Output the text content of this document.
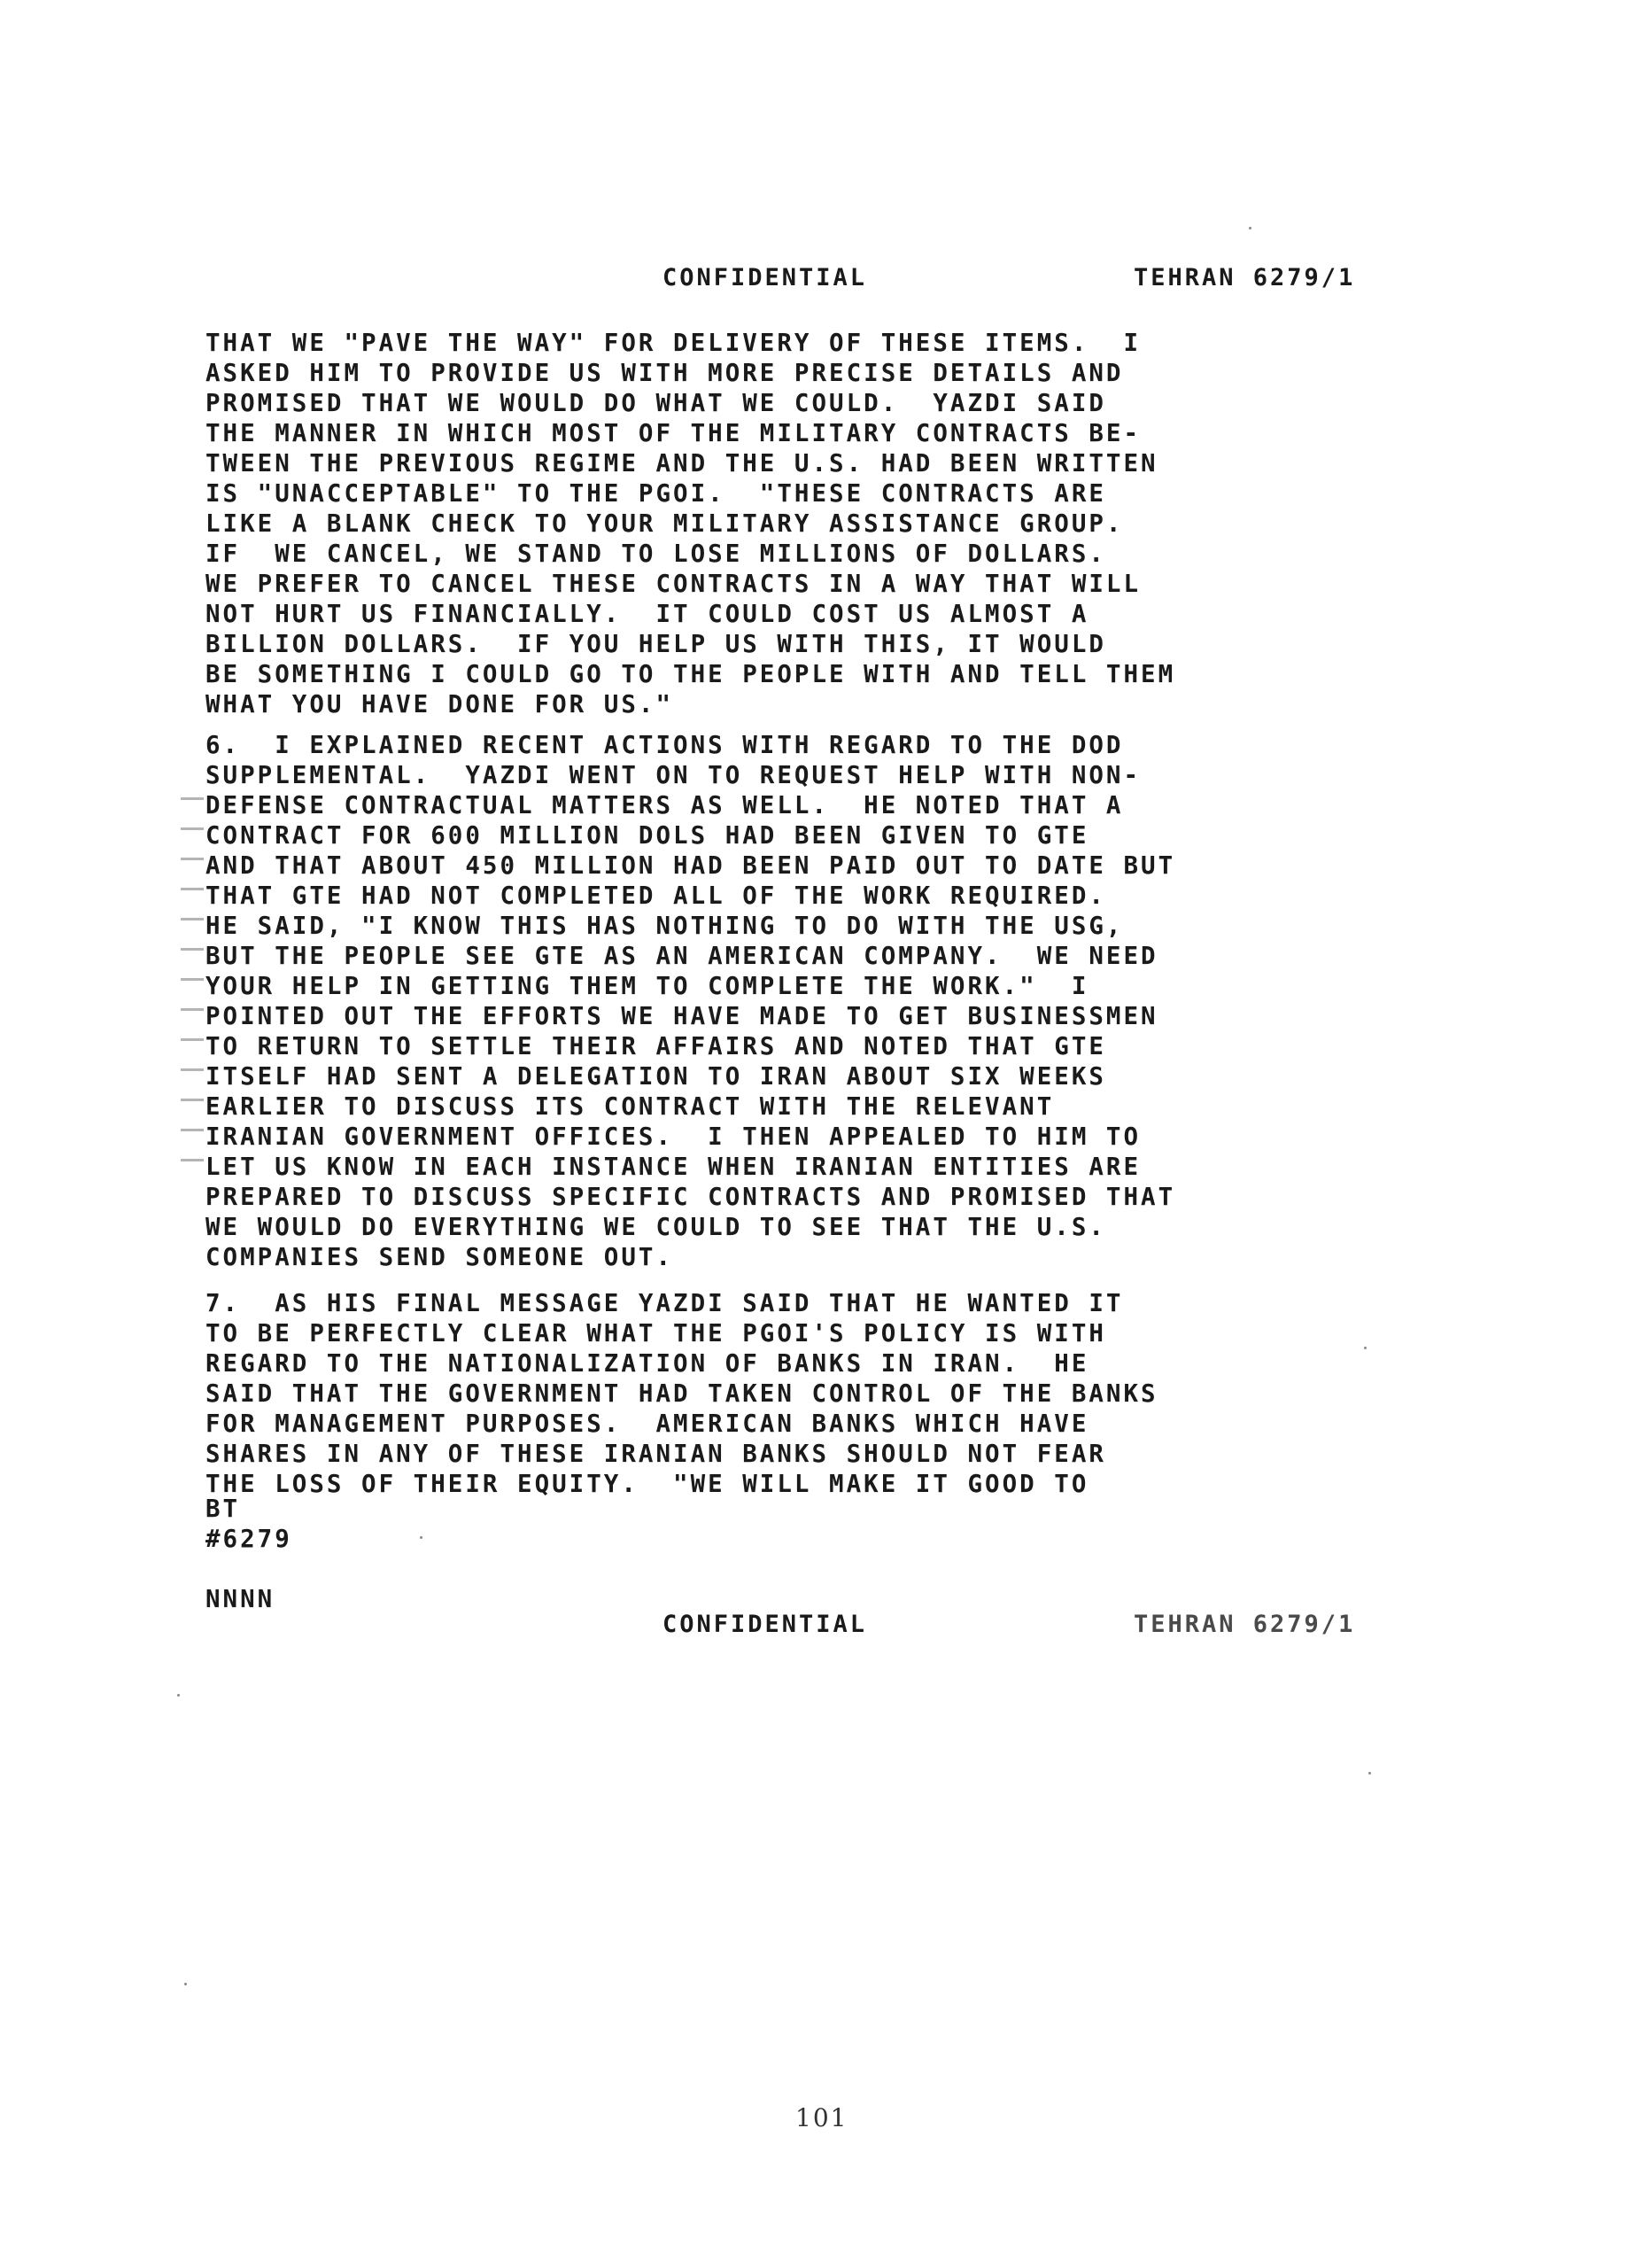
CONFIDENTIAL	TEHRAN 6279/1
THAT WE "PAVE THE WAY" FOR DELIVERY OF THESE ITEMS.  I
ASKED HIM TO PROVIDE US WITH MORE PRECISE DETAILS AND
PROMISED THAT WE WOULD DO WHAT WE COULD.  YAZDI SAID
THE MANNER IN WHICH MOST OF THE MILITARY CONTRACTS BE-
TWEEN THE PREVIOUS REGIME AND THE U.S. HAD BEEN WRITTEN
IS "UNACCEPTABLE" TO THE PGOI.  "THESE CONTRACTS ARE
LIKE A BLANK CHECK TO YOUR MILITARY ASSISTANCE GROUP.
IF  WE CANCEL, WE STAND TO LOSE MILLIONS OF DOLLARS.
WE PREFER TO CANCEL THESE CONTRACTS IN A WAY THAT WILL
NOT HURT US FINANCIALLY.  IT COULD COST US ALMOST A
BILLION DOLLARS.  IF YOU HELP US WITH THIS, IT WOULD
BE SOMETHING I COULD GO TO THE PEOPLE WITH AND TELL THEM
WHAT YOU HAVE DONE FOR US."
6.  I EXPLAINED RECENT ACTIONS WITH REGARD TO THE DOD
SUPPLEMENTAL.  YAZDI WENT ON TO REQUEST HELP WITH NON-
DEFENSE CONTRACTUAL MATTERS AS WELL.  HE NOTED THAT A
CONTRACT FOR 600 MILLION DOLS HAD BEEN GIVEN TO GTE
AND THAT ABOUT 450 MILLION HAD BEEN PAID OUT TO DATE BUT
THAT GTE HAD NOT COMPLETED ALL OF THE WORK REQUIRED.
HE SAID, "I KNOW THIS HAS NOTHING TO DO WITH THE USG,
BUT THE PEOPLE SEE GTE AS AN AMERICAN COMPANY.  WE NEED
YOUR HELP IN GETTING THEM TO COMPLETE THE WORK."  I
POINTED OUT THE EFFORTS WE HAVE MADE TO GET BUSINESSMEN
TO RETURN TO SETTLE THEIR AFFAIRS AND NOTED THAT GTE
ITSELF HAD SENT A DELEGATION TO IRAN ABOUT SIX WEEKS
EARLIER TO DISCUSS ITS CONTRACT WITH THE RELEVANT
IRANIAN GOVERNMENT OFFICES.  I THEN APPEALED TO HIM TO
LET US KNOW IN EACH INSTANCE WHEN IRANIAN ENTITIES ARE
PREPARED TO DISCUSS SPECIFIC CONTRACTS AND PROMISED THAT
WE WOULD DO EVERYTHING WE COULD TO SEE THAT THE U.S.
COMPANIES SEND SOMEONE OUT.
7.  AS HIS FINAL MESSAGE YAZDI SAID THAT HE WANTED IT
TO BE PERFECTLY CLEAR WHAT THE PGOI'S POLICY IS WITH
REGARD TO THE NATIONALIZATION OF BANKS IN IRAN.  HE
SAID THAT THE GOVERNMENT HAD TAKEN CONTROL OF THE BANKS
FOR MANAGEMENT PURPOSES.  AMERICAN BANKS WHICH HAVE
SHARES IN ANY OF THESE IRANIAN BANKS SHOULD NOT FEAR
THE LOSS OF THEIR EQUITY.  "WE WILL MAKE IT GOOD TO
BT
#6279
NNNN
CONFIDENTIAL	TEHRAN 6279/1
101
